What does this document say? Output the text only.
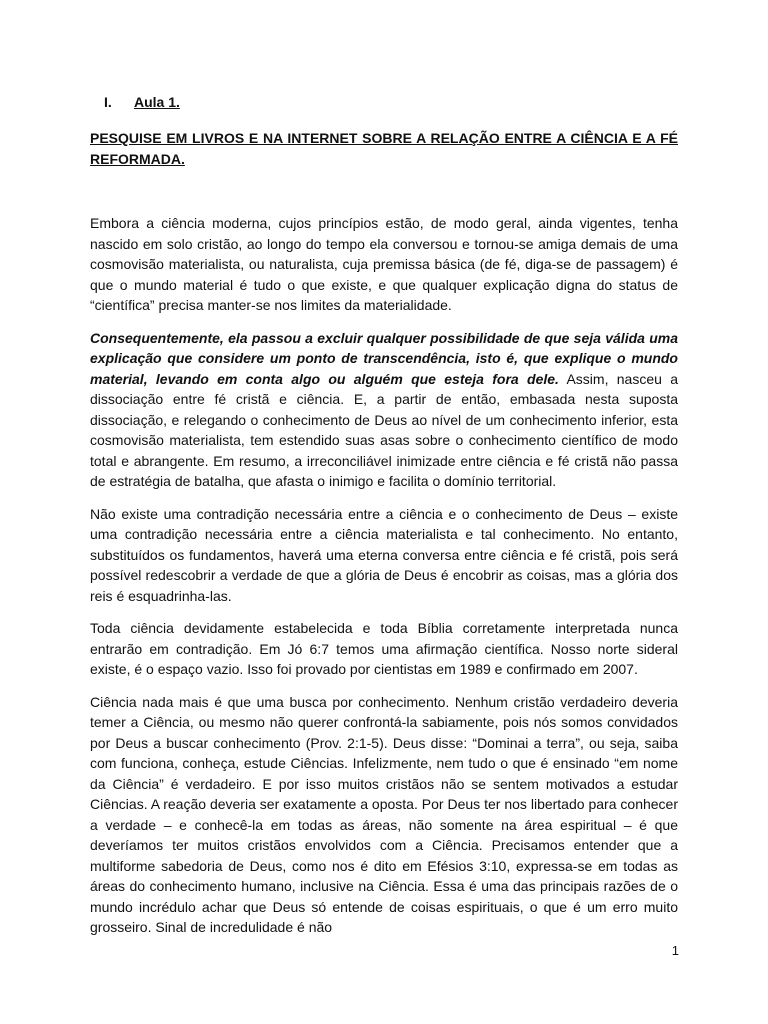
I.	Aula 1.
PESQUISE EM LIVROS E NA INTERNET SOBRE A RELAÇÃO ENTRE A CIÊNCIA E A FÉ REFORMADA.

Embora a ciência moderna, cujos princípios estão, de modo geral, ainda vigentes, tenha nascido em solo cristão, ao longo do tempo ela conversou e tornou-se amiga demais de uma cosmovisão materialista, ou naturalista, cuja premissa básica (de fé, diga-se de passagem) é que o mundo material é tudo o que existe, e que qualquer explicação digna do status de “científica” precisa manter-se nos limites da materialidade.

Consequentemente, ela passou a excluir qualquer possibilidade de que seja válida uma explicação que considere um ponto de transcendência, isto é, que explique o mundo material, levando em conta algo ou alguém que esteja fora dele. Assim, nasceu a dissociação entre fé cristã e ciência. E, a partir de então, embasada nesta suposta dissociação, e relegando o conhecimento de Deus ao nível de um conhecimento inferior, esta cosmovisão materialista, tem estendido suas asas sobre o conhecimento científico de modo total e abrangente. Em resumo, a irreconciliável inimizade entre ciência e fé cristã não passa de estratégia de batalha, que afasta o inimigo e facilita o domínio territorial.

Não existe uma contradição necessária entre a ciência e o conhecimento de Deus – existe uma contradição necessária entre a ciência materialista e tal conhecimento. No entanto, substituídos os fundamentos, haverá uma eterna conversa entre ciência e fé cristã, pois será possível redescobrir a verdade de que a glória de Deus é encobrir as coisas, mas a glória dos reis é esquadrinha-las.

Toda ciência devidamente estabelecida e toda Bíblia corretamente interpretada nunca entrarão em contradição. Em Jó 6:7 temos uma afirmação científica. Nosso norte sideral existe, é o espaço vazio. Isso foi provado por cientistas em 1989 e confirmado em 2007.

Ciência nada mais é que uma busca por conhecimento. Nenhum cristão verdadeiro deveria temer a Ciência, ou mesmo não querer confrontá-la sabiamente, pois nós somos convidados por Deus a buscar conhecimento (Prov. 2:1-5). Deus disse: “Dominai a terra”, ou seja, saiba com funciona, conheça, estude Ciências. Infelizmente, nem tudo o que é ensinado “em nome da Ciência” é verdadeiro. E por isso muitos cristãos não se sentem motivados a estudar Ciências. A reação deveria ser exatamente a oposta. Por Deus ter nos libertado para conhecer a verdade – e conhecê-la em todas as áreas, não somente na área espiritual – é que deveríamos ter muitos cristãos envolvidos com a Ciência. Precisamos entender que a multiforme sabedoria de Deus, como nos é dito em Efésios 3:10, expressa-se em todas as áreas do conhecimento humano, inclusive na Ciência. Essa é uma das principais razões de o mundo incrédulo achar que Deus só entende de coisas espirituais, o que é um erro muito grosseiro. Sinal de incredulidade é não

1
